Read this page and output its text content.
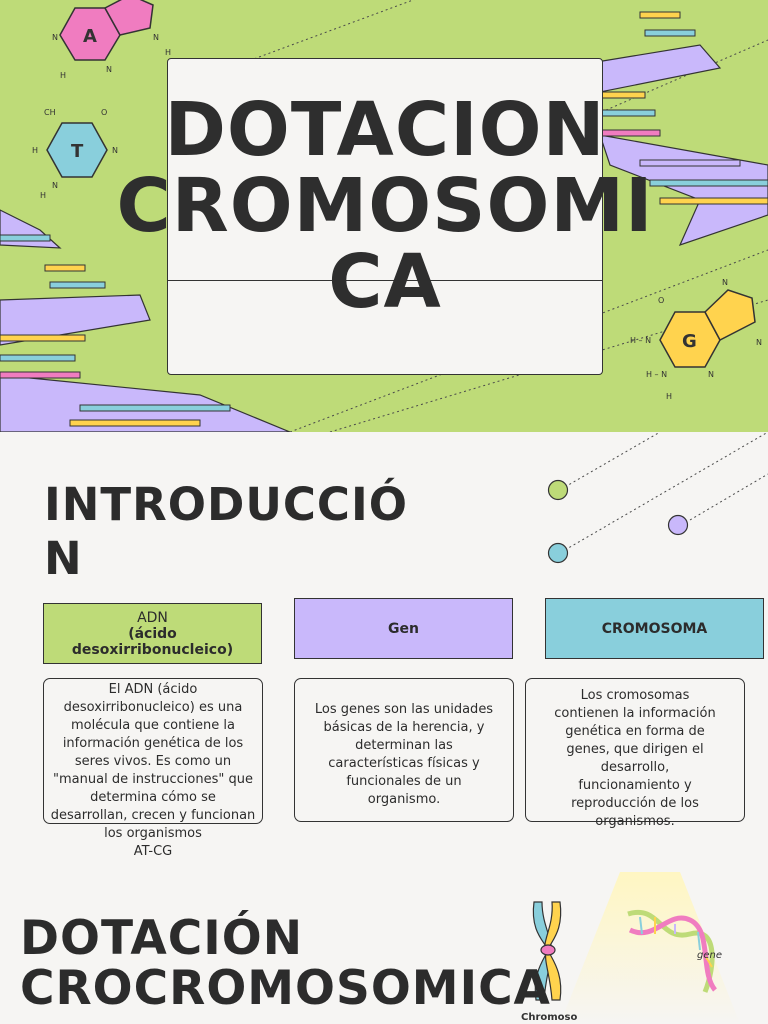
A	N
H
N
H
N
T
CH	O
H	N
N
H
G
N
O
H – N
H – N	N
H
N
DOTACION
CROMOSOMI
CA
INTRODUCCIÓ
N
ADN
(ácido
desoxirribonucleico)
El ADN (ácido
desoxirribonucleico) es una
molécula que contiene la
información genética de los
seres vivos. Es como un
"manual de instrucciones" que
determina cómo se
desarrollan, crecen y funcionan
los organismos
AT-CG
Gen
Los genes son las unidades
básicas de la herencia, y
determinan las
características físicas y
funcionales de un
organismo.
CROMOSOMA
Los cromosomas
contienen la información
genética en forma de
genes, que dirigen el
desarrollo,
funcionamiento y
reproducción de los
organismos.
gene
Chromoso
DOTACIÓN
CROCROMOSOMICA
